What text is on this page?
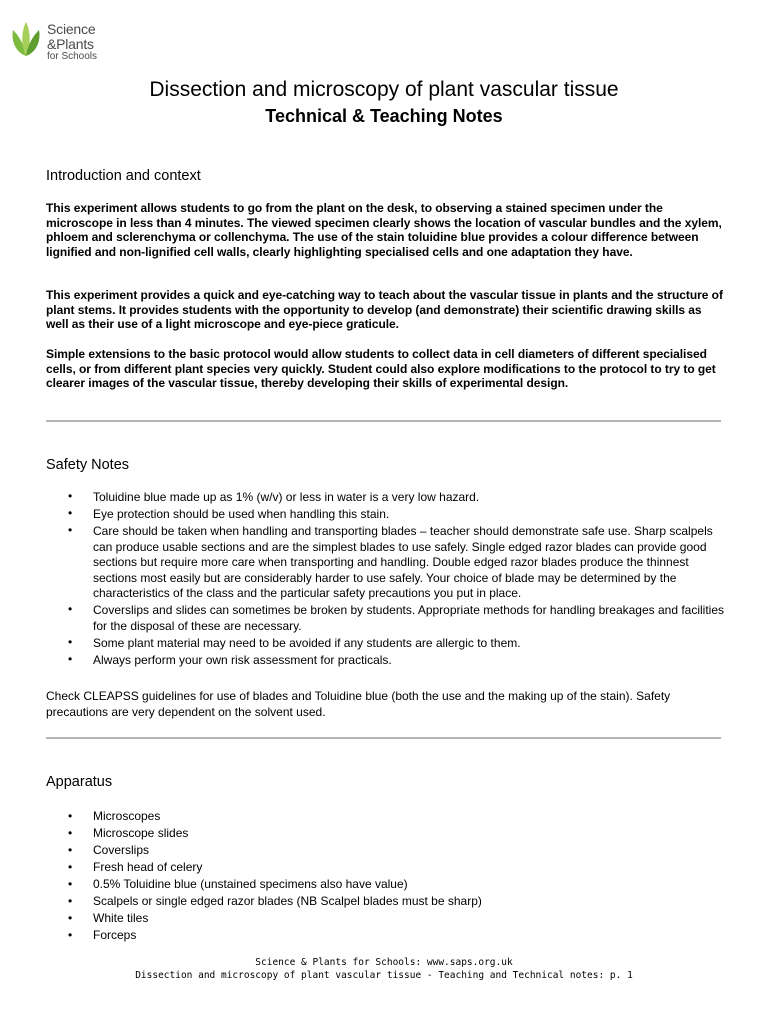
Science
&Plants
for Schools
Dissection and microscopy of plant vascular tissue
Technical & Teaching Notes
Introduction and context

This experiment allows students to go from the plant on the desk, to observing a stained specimen under the microscope in less than 4 minutes. The viewed specimen clearly shows the location of vascular bundles and the xylem, phloem and sclerenchyma or collenchyma. The use of the stain toluidine blue provides a colour difference between lignified and non-lignified cell walls, clearly highlighting specialised cells and one adaptation they have.

This experiment provides a quick and eye-catching way to teach about the vascular tissue in plants and the structure of plant stems. It provides students with the opportunity to develop (and demonstrate) their scientific drawing skills as well as their use of a light microscope and eye-piece graticule.

Simple extensions to the basic protocol would allow students to collect data in cell diameters of different specialised cells, or from different plant species very quickly. Student could also explore modifications to the protocol to try to get clearer images of the vascular tissue, thereby developing their skills of experimental design.

Safety Notes
• Toluidine blue made up as 1% (w/v) or less in water is a very low hazard.
• Eye protection should be used when handling this stain.
• Care should be taken when handling and transporting blades – teacher should demonstrate safe use. Sharp scalpels can produce usable sections and are the simplest blades to use safely. Single edged razor blades can provide good sections but require more care when transporting and handling. Double edged razor blades produce the thinnest sections most easily but are considerably harder to use safely. Your choice of blade may be determined by the characteristics of the class and the particular safety precautions you put in place.
• Coverslips and slides can sometimes be broken by students. Appropriate methods for handling breakages and facilities for the disposal of these are necessary.
• Some plant material may need to be avoided if any students are allergic to them.
• Always perform your own risk assessment for practicals.

Check CLEAPSS guidelines for use of blades and Toluidine blue (both the use and the making up of the stain). Safety precautions are very dependent on the solvent used.

Apparatus
• Microscopes
• Microscope slides
• Coverslips
• Fresh head of celery
• 0.5% Toluidine blue (unstained specimens also have value)
• Scalpels or single edged razor blades (NB Scalpel blades must be sharp)
• White tiles
• Forceps
Science & Plants for Schools: www.saps.org.uk
Dissection and microscopy of plant vascular tissue - Teaching and Technical notes: p. 1
